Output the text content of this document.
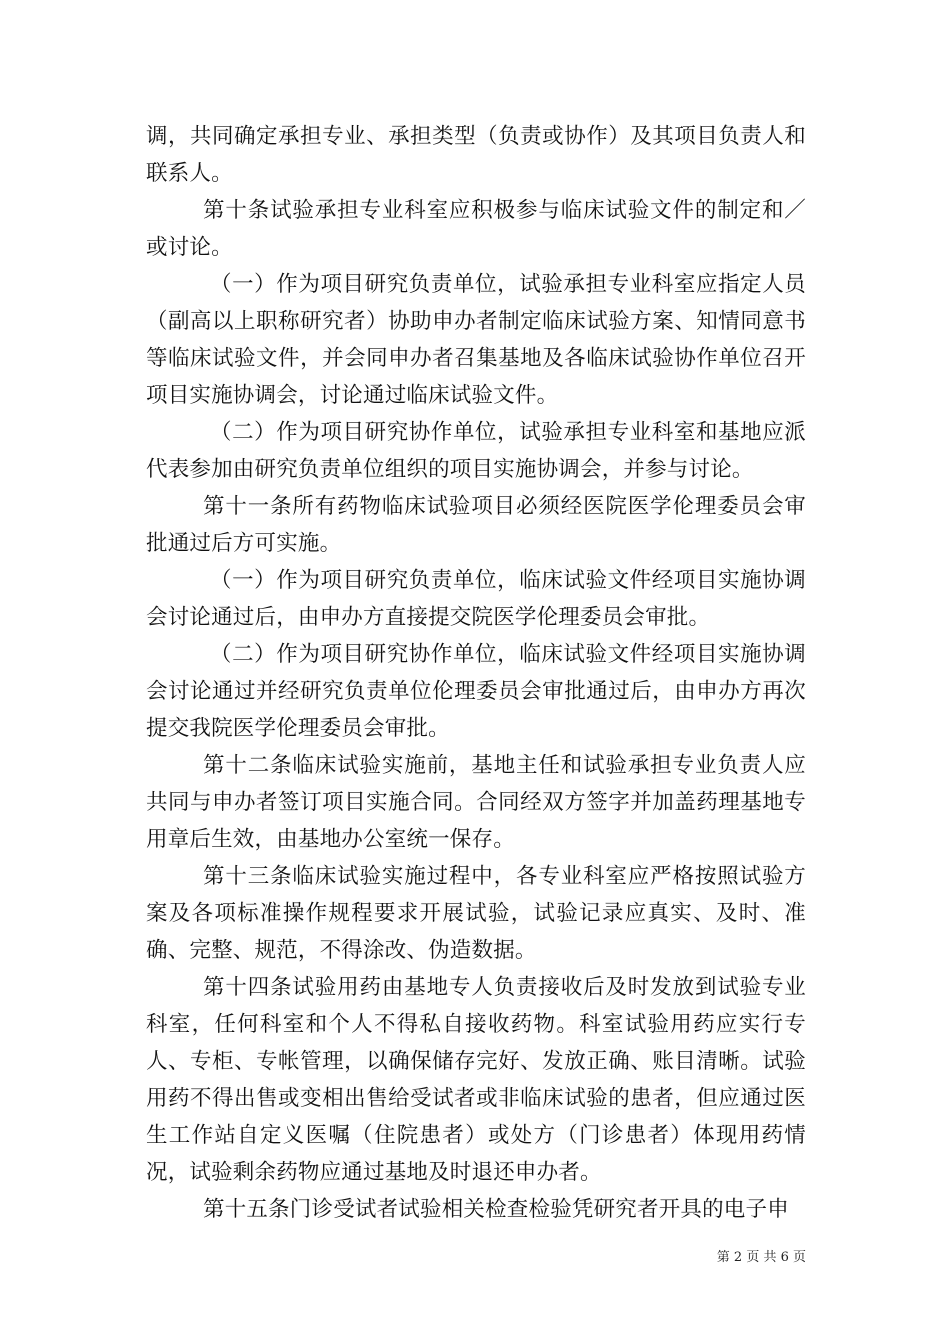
调，共同确定承担专业、承担类型（负责或协作）及其项目负责人和联系人。

第十条试验承担专业科室应积极参与临床试验文件的制定和／或讨论。

（一）作为项目研究负责单位，试验承担专业科室应指定人员（副高以上职称研究者）协助申办者制定临床试验方案、知情同意书等临床试验文件，并会同申办者召集基地及各临床试验协作单位召开项目实施协调会，讨论通过临床试验文件。

（二）作为项目研究协作单位，试验承担专业科室和基地应派代表参加由研究负责单位组织的项目实施协调会，并参与讨论。

第十一条所有药物临床试验项目必须经医院医学伦理委员会审批通过后方可实施。

（一）作为项目研究负责单位，临床试验文件经项目实施协调会讨论通过后，由申办方直接提交院医学伦理委员会审批。

（二）作为项目研究协作单位，临床试验文件经项目实施协调会讨论通过并经研究负责单位伦理委员会审批通过后，由申办方再次提交我院医学伦理委员会审批。

第十二条临床试验实施前，基地主任和试验承担专业负责人应共同与申办者签订项目实施合同。合同经双方签字并加盖药理基地专用章后生效，由基地办公室统一保存。

第十三条临床试验实施过程中，各专业科室应严格按照试验方案及各项标准操作规程要求开展试验，试验记录应真实、及时、准确、完整、规范，不得涂改、伪造数据。

第十四条试验用药由基地专人负责接收后及时发放到试验专业科室，任何科室和个人不得私自接收药物。科室试验用药应实行专人、专柜、专帐管理，以确保储存完好、发放正确、账目清晰。试验用药不得出售或变相出售给受试者或非临床试验的患者，但应通过医生工作站自定义医嘱（住院患者）或处方（门诊患者）体现用药情况，试验剩余药物应通过基地及时退还申办者。

第十五条门诊受试者试验相关检查检验凭研究者开具的电子申

第 2 页 共 6 页
